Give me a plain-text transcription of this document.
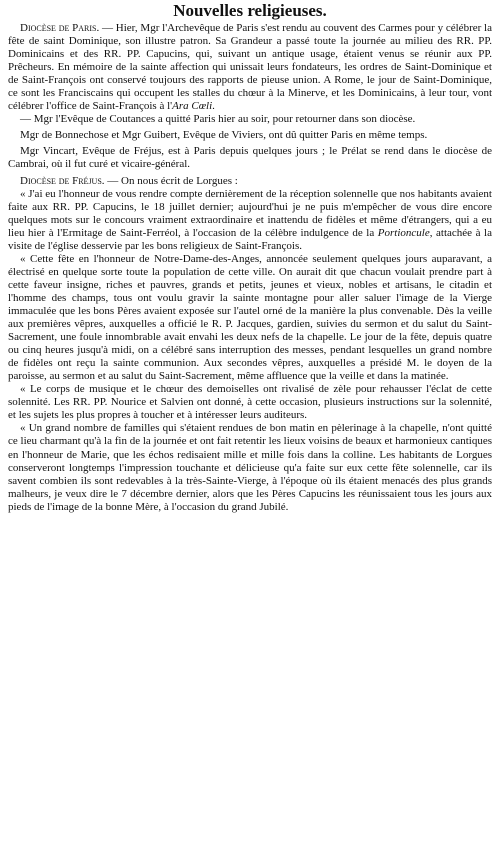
Nouvelles religieuses.

Diocèse de Paris. — Hier, Mgr l'Archevêque de Paris s'est rendu au couvent des Carmes pour y célébrer la fête de saint Dominique, son illustre patron. Sa Grandeur a passé toute la journée au milieu des RR. PP. Dominicains et des RR. PP. Capucins, qui, suivant un antique usage, étaient venus se réunir aux PP. Prêcheurs. En mémoire de la sainte affection qui unissait leurs fondateurs, les ordres de Saint-Dominique et de Saint-François ont conservé toujours des rapports de pieuse union. A Rome, le jour de Saint-Dominique, ce sont les Franciscains qui occupent les stalles du chœur à la Minerve, et les Dominicains, à leur tour, vont célébrer l'office de Saint-François à l'Ara Cœli.

— Mgr l'Evêque de Coutances a quitté Paris hier au soir, pour retourner dans son diocèse.

Mgr de Bonnechose et Mgr Guibert, Evêque de Viviers, ont dû quitter Paris en même temps.

Mgr Vincart, Evêque de Fréjus, est à Paris depuis quelques jours ; le Prélat se rend dans le diocèse de Cambrai, où il fut curé et vicaire-général.

Diocèse de Fréjus. — On nous écrit de Lorgues :

« J'ai eu l'honneur de vous rendre compte dernièrement de la réception solennelle que nos habitants avaient faite aux RR. PP. Capucins, le 18 juillet dernier; aujourd'hui je ne puis m'empêcher de vous dire encore quelques mots sur le concours vraiment extraordinaire et inattendu de fidèles et même d'étrangers, qui a eu lieu hier à l'Ermitage de Saint-Ferréol, à l'occasion de la célèbre indulgence de la Portioncule, attachée à la visite de l'église desservie par les bons religieux de Saint-François.

« Cette fête en l'honneur de Notre-Dame-des-Anges, annoncée seulement quelques jours auparavant, a électrisé en quelque sorte toute la population de cette ville. On aurait dit que chacun voulait prendre part à cette faveur insigne, riches et pauvres, grands et petits, jeunes et vieux, nobles et artisans, le citadin et l'homme des champs, tous ont voulu gravir la sainte montagne pour aller saluer l'image de la Vierge immaculée que les bons Pères avaient exposée sur l'autel orné de la manière la plus convenable. Dès la veille aux premières vêpres, auxquelles a officié le R. P. Jacques, gardien, suivies du sermon et du salut du Saint-Sacrement, une foule innombrable avait envahi les deux nefs de la chapelle. Le jour de la fête, depuis quatre ou cinq heures jusqu'à midi, on a célébré sans interruption des messes, pendant lesquelles un grand nombre de fidèles ont reçu la sainte communion. Aux secondes vêpres, auxquelles a présidé M. le doyen de la paroisse, au sermon et au salut du Saint-Sacrement, même affluence que la veille et dans la matinée.

« Le corps de musique et le chœur des demoiselles ont rivalisé de zèle pour rehausser l'éclat de cette solennité. Les RR. PP. Nourice et Salvien ont donné, à cette occasion, plusieurs instructions sur la solennité, et les sujets les plus propres à toucher et à intéresser leurs auditeurs.

« Un grand nombre de familles qui s'étaient rendues de bon matin en pèlerinage à la chapelle, n'ont quitté ce lieu charmant qu'à la fin de la journée et ont fait retentir les lieux voisins de beaux et harmonieux cantiques en l'honneur de Marie, que les échos redisaient mille et mille fois dans la colline. Les habitants de Lorgues conserveront longtemps l'impression touchante et délicieuse qu'a faite sur eux cette fête solennelle, car ils savent combien ils sont redevables à la très-Sainte-Vierge, à l'époque où ils étaient menacés des plus grands malheurs, je veux dire le 7 décembre dernier, alors que les Pères Capucins les réunissaient tous les jours aux pieds de l'image de la bonne Mère, à l'occasion du grand Jubilé.
